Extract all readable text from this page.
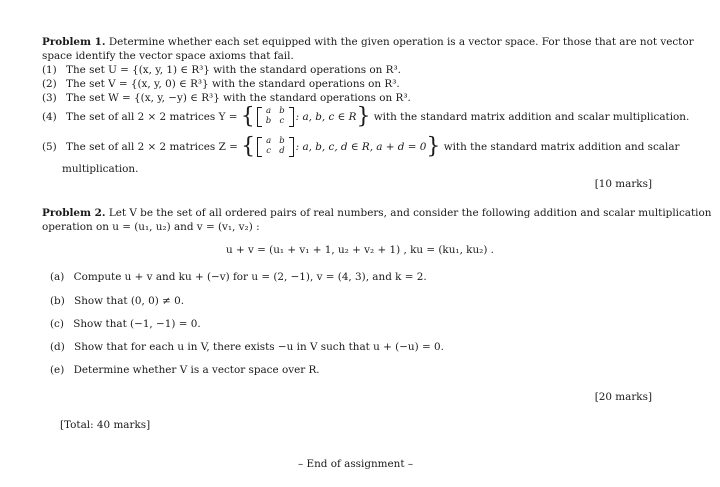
Problem 1. Determine whether each set equipped with the given operation is a vector space. For those that are not vector
space identify the vector space axioms that fail.
(1) The set U = {(x, y, 1) ∈ R³} with the standard operations on R³.
(2) The set V = {(x, y, 0) ∈ R³} with the standard operations on R³.
(3) The set W = {(x, y, −y) ∈ R³} with the standard operations on R³.
(4) The set of all 2 × 2 matrices Y = { a	b
b	c : a, b, c ∈ R} with the standard matrix addition and scalar multiplication.
(5) The set of all 2 × 2 matrices Z = { a	b
c	d : a, b, c, d ∈ R, a + d = 0} with the standard matrix addition and scalar
multiplication.
[10 marks]
Problem 2. Let V be the set of all ordered pairs of real numbers, and consider the following addition and scalar multiplication
operation on u = (u₁, u₂) and v = (v₁, v₂) :
u + v = (u₁ + v₁ + 1, u₂ + v₂ + 1) , ku = (ku₁, ku₂) .
(a) Compute u + v and ku + (−v) for u = (2, −1), v = (4, 3), and k = 2.
(b) Show that (0, 0) ≠ 0.
(c) Show that (−1, −1) = 0.
(d) Show that for each u in V, there exists −u in V such that u + (−u) = 0.
(e) Determine whether V is a vector space over R.
[20 marks]
[Total: 40 marks]
– End of assignment –
